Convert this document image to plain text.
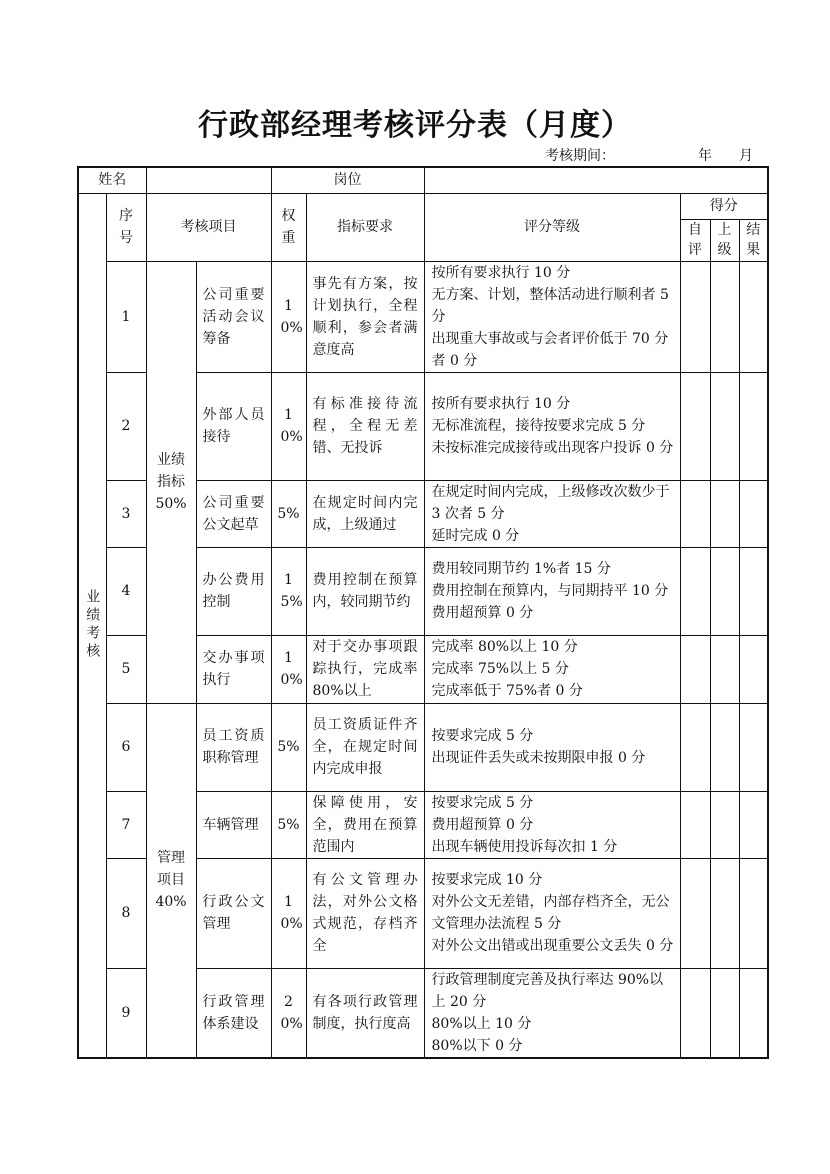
行政部经理考核评分表（月度）
考核期间：	年 月
姓名				岗位					
业绩考核	序号	考核项目		权重	指标要求	评分等级	得分		
							自评	上级	结果
	1	业绩指标50%	公司重要活动会议筹备	10%	事先有方案，按计划执行，全程顺利，参会者满意度高	按所有要求执行 10 分
无方案、计划，整体活动进行顺利者 5 分
出现重大事故或与会者评价低于 70 分者 0 分			

	2		外部人员接待	10%	有标准接待流程，全程无差错、无投诉	按所有要求执行 10 分
无标准流程，接待按要求完成 5 分
未按标准完成接待或出现客户投诉 0 分			

	3		公司重要公文起草	5%	在规定时间内完成，上级通过	在规定时间内完成，上级修改次数少于 3 次者 5 分
延时完成 0 分			

	4		办公费用控制	15%	费用控制在预算内，较同期节约	费用较同期节约 1%者 15 分
费用控制在预算内，与同期持平 10 分
费用超预算 0 分			

	5		交办事项执行	10%	对于交办事项跟踪执行，完成率 80%以上	完成率 80%以上 10 分
完成率 75%以上 5 分
完成率低于 75%者 0 分			

	6	管理项目40%	员工资质职称管理	5%	员工资质证件齐全，在规定时间内完成申报	按要求完成 5 分
出现证件丢失或未按期限申报 0 分			

	7		车辆管理	5%	保障使用，安全，费用在预算范围内	按要求完成 5 分
费用超预算 0 分
出现车辆使用投诉每次扣 1 分			

	8		行政公文管理	10%	有公文管理办法，对外公文格式规范，存档齐全	按要求完成 10 分
对外公文无差错，内部存档齐全，无公文管理办法流程 5 分
对外公文出错或出现重要公文丢失 0 分			

	9		行政管理体系建设	20%	有各项行政管理制度，执行度高	行政管理制度完善及执行率达 90%以上 20 分
80%以上 10 分
80%以下 0 分			
